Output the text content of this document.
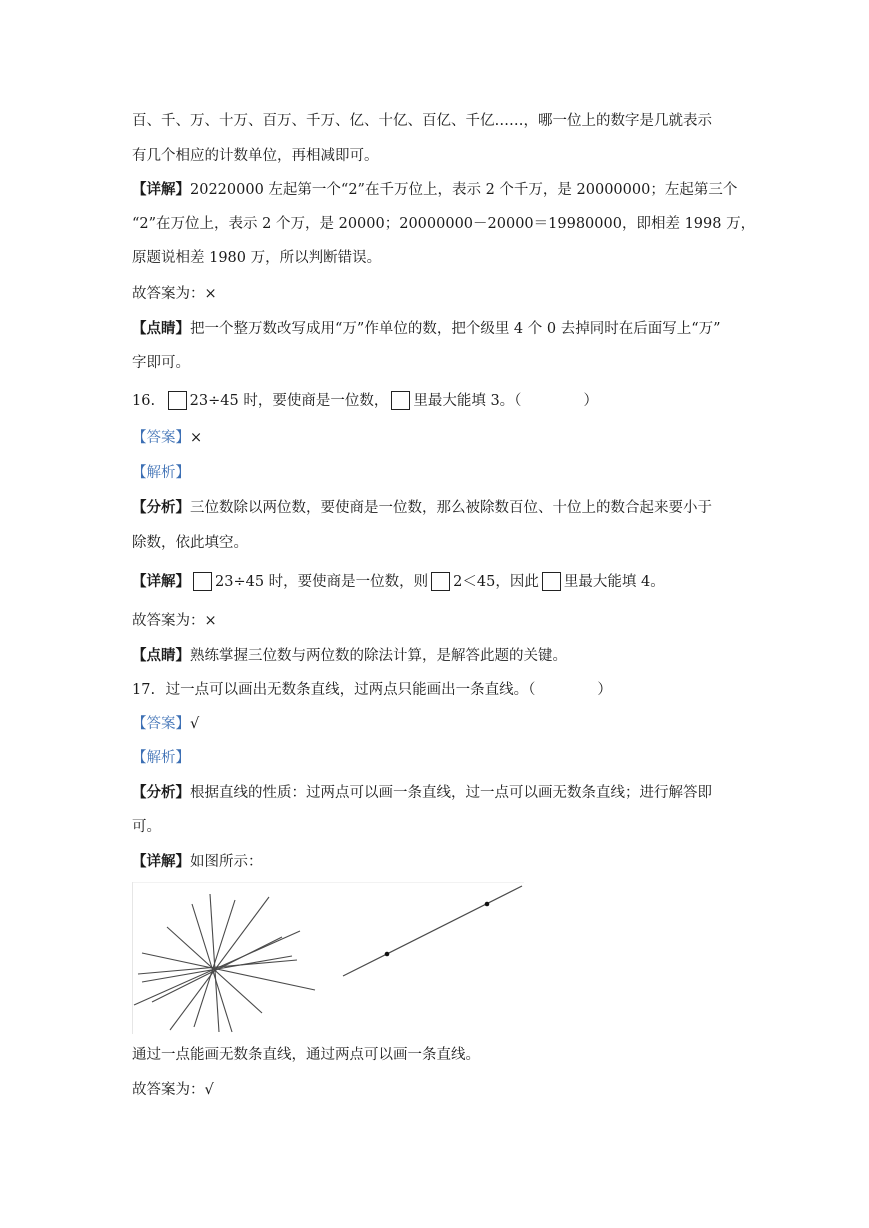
百、千、万、十万、百万、千万、亿、十亿、百亿、千亿……，哪一位上的数字是几就表示
有几个相应的计数单位，再相减即可。
【详解】20220000 左起第一个“2”在千万位上，表示 2 个千万，是 20000000；左起第三个
“2”在万位上，表示 2 个万，是 20000；20000000－20000＝19980000，即相差 1998 万，
原题说相差 1980 万，所以判断错误。
故答案为：×
【点睛】把一个整万数改写成用“万”作单位的数，把个级里 4 个 0 去掉同时在后面写上“万”
字即可。
16. 23÷45 时，要使商是一位数， 里最大能填 3。（	）
【答案】×
【解析】
【分析】三位数除以两位数，要使商是一位数，那么被除数百位、十位上的数合起来要小于
除数，依此填空。
【详解】 23÷45 时，要使商是一位数，则 2＜45，因此 里最大能填 4。
故答案为：×
【点睛】熟练掌握三位数与两位数的除法计算，是解答此题的关键。
17. 过一点可以画出无数条直线，过两点只能画出一条直线。（	）
【答案】√
【解析】
【分析】根据直线的性质：过两点可以画一条直线，过一点可以画无数条直线；进行解答即
可。
【详解】如图所示：
通过一点能画无数条直线，通过两点可以画一条直线。
故答案为：√
